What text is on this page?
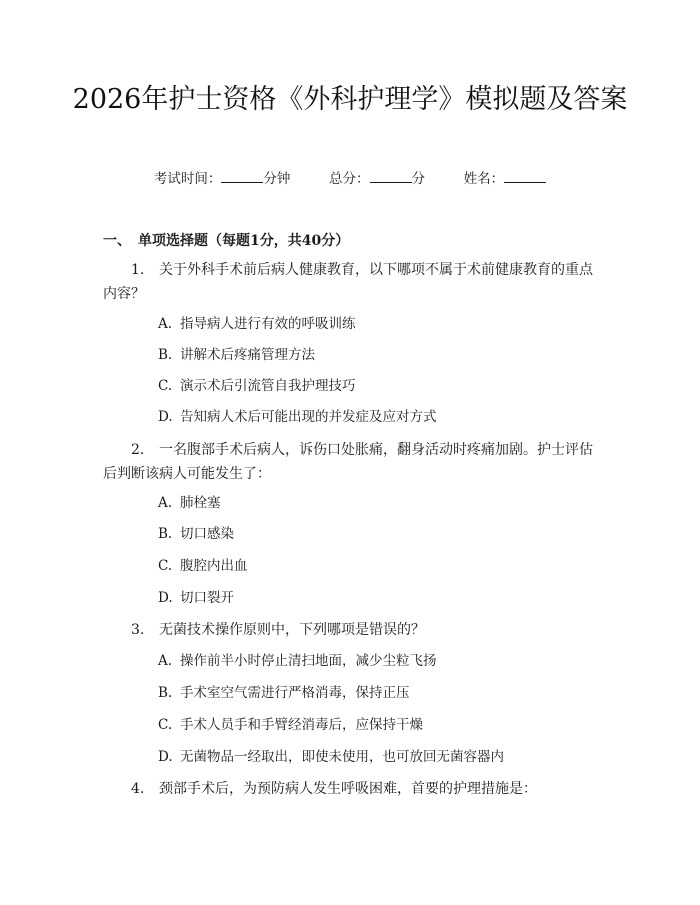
2026年护士资格《外科护理学》模拟题及答案
考试时间：	分钟	总分：	分	姓名：
一、 单项选择题（每题1分，共40分）
1. 关于外科手术前后病人健康教育，以下哪项不属于术前健康教育的重点内容？
A. 指导病人进行有效的呼吸训练
B. 讲解术后疼痛管理方法
C. 演示术后引流管自我护理技巧
D. 告知病人术后可能出现的并发症及应对方式
2. 一名腹部手术后病人，诉伤口处胀痛，翻身活动时疼痛加剧。护士评估后判断该病人可能发生了：
A. 肺栓塞
B. 切口感染
C. 腹腔内出血
D. 切口裂开
3. 无菌技术操作原则中，下列哪项是错误的？
A. 操作前半小时停止清扫地面，减少尘粒飞扬
B. 手术室空气需进行严格消毒，保持正压
C. 手术人员手和手臂经消毒后，应保持干燥
D. 无菌物品一经取出，即使未使用，也可放回无菌容器内
4. 颈部手术后，为预防病人发生呼吸困难，首要的护理措施是：
